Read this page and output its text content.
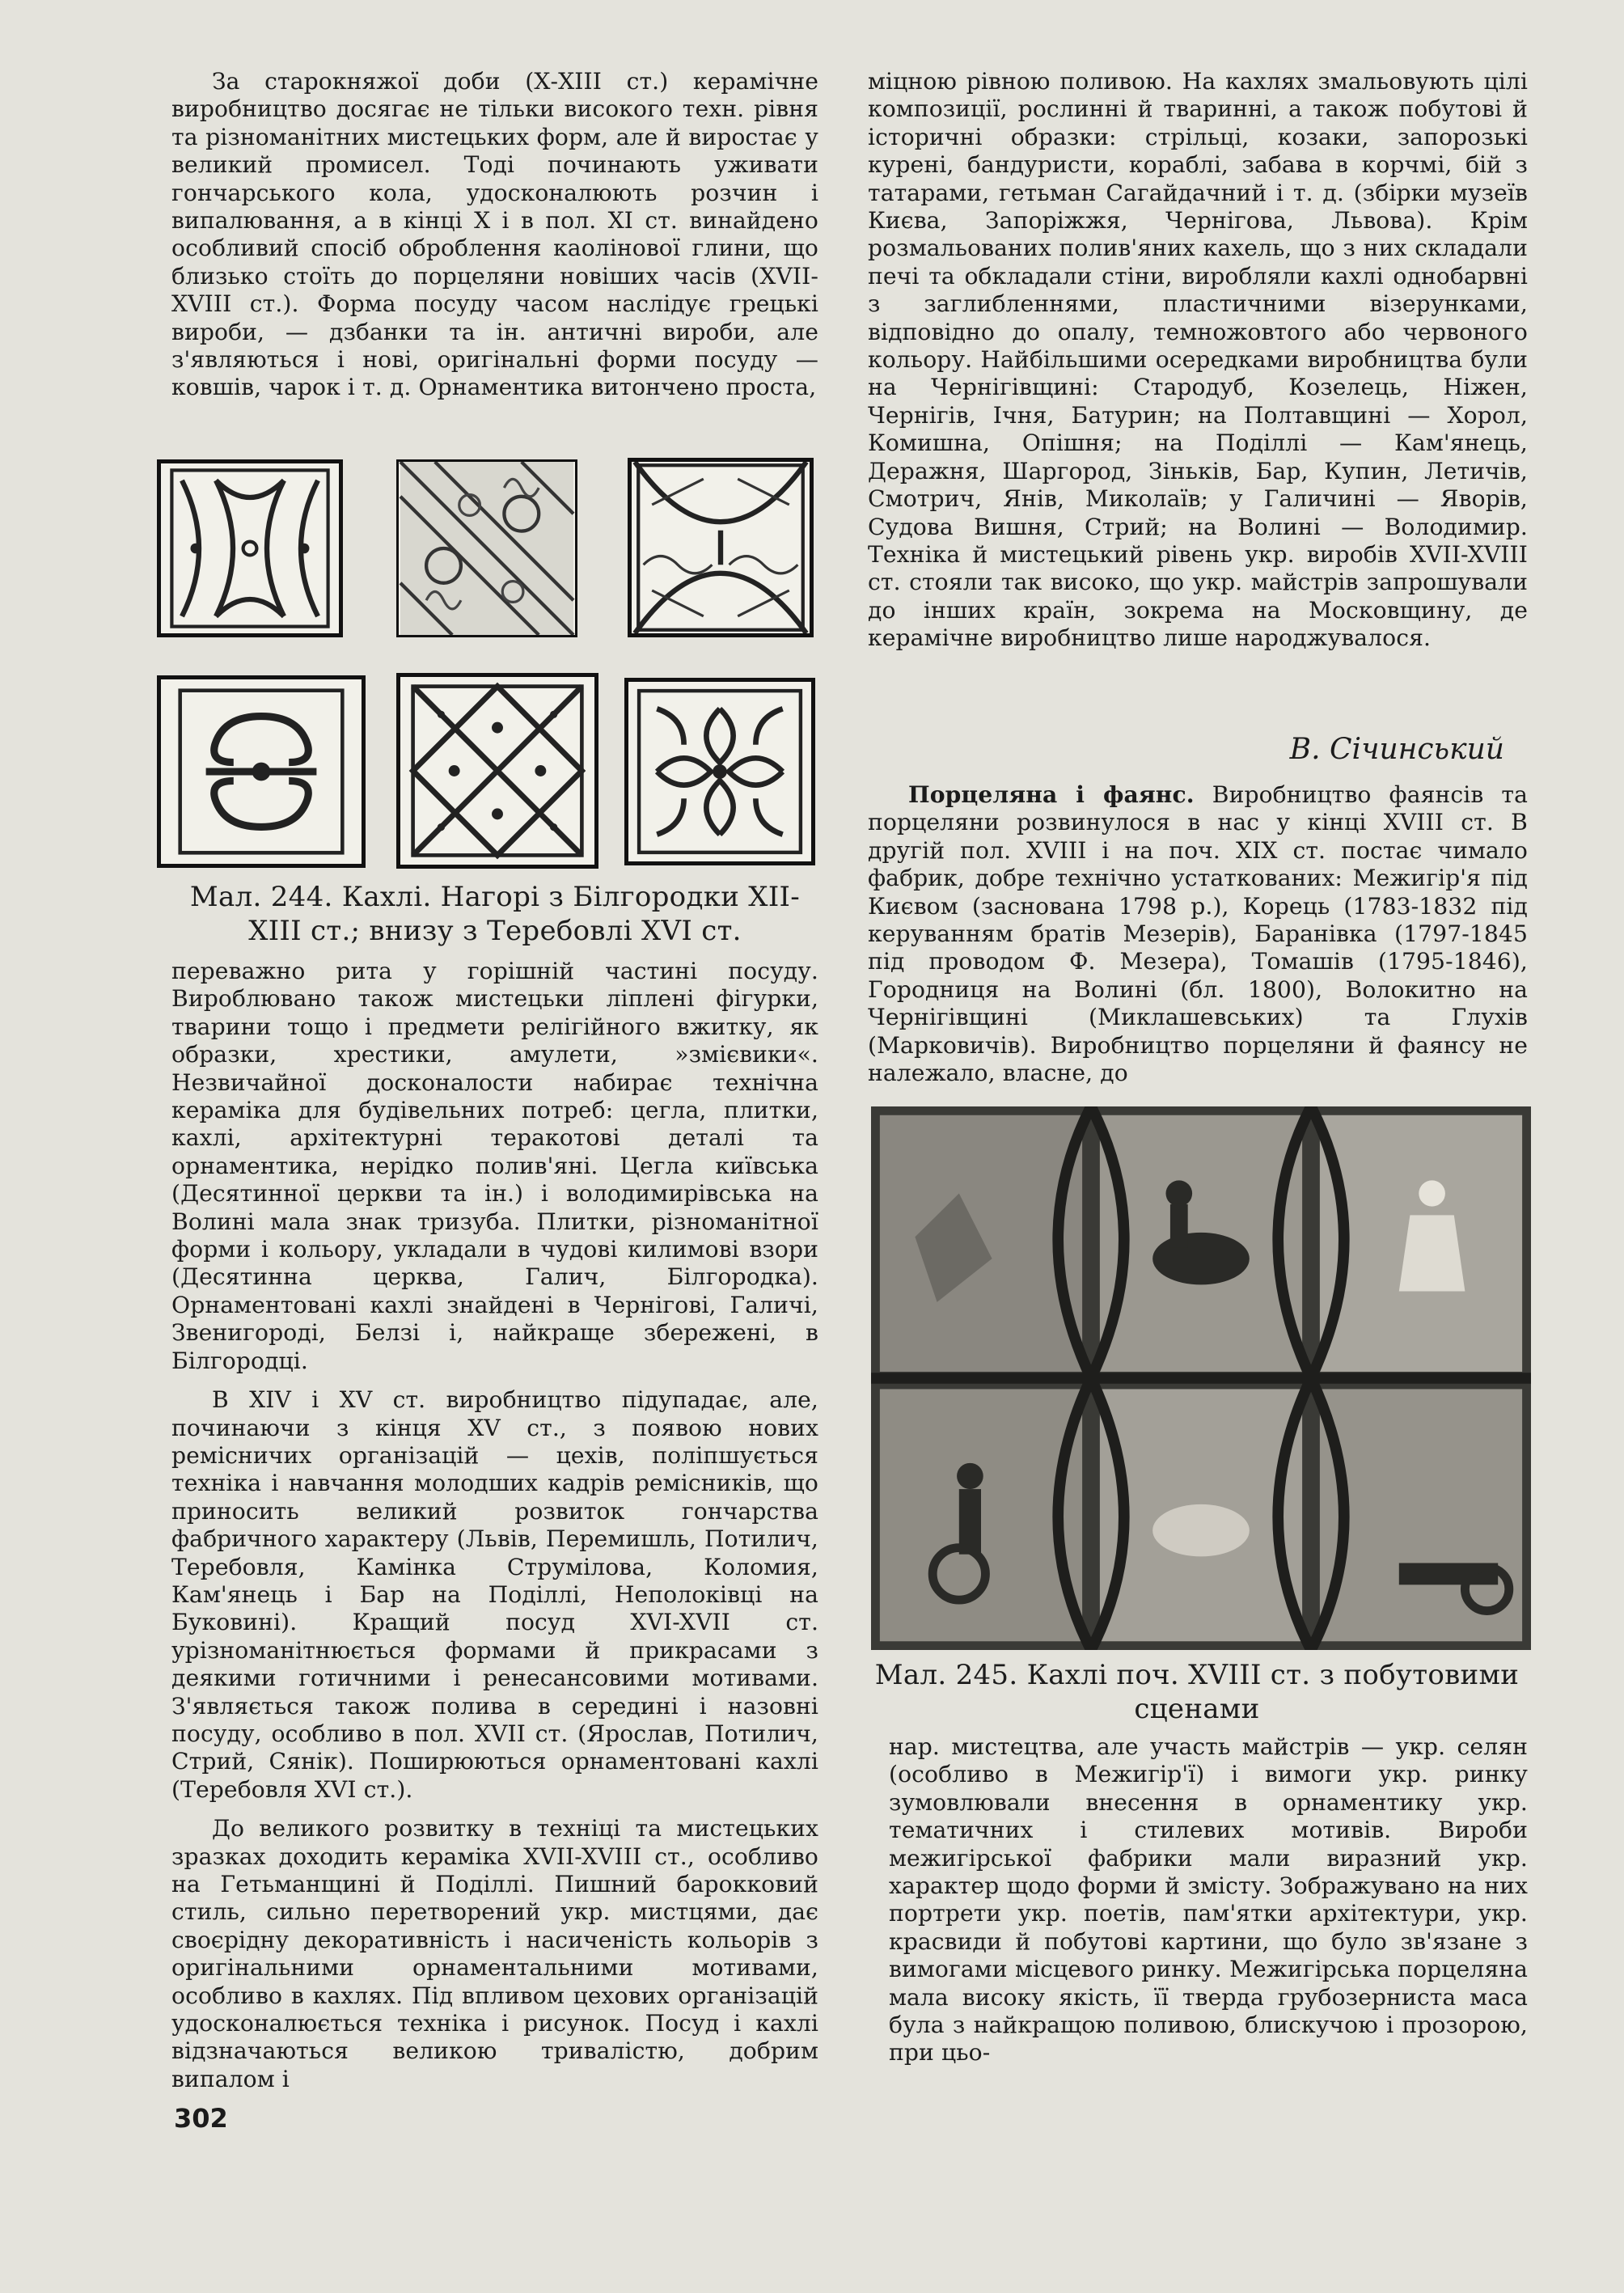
За старокняжої доби (Х-ХІІІ ст.) керамічне виробництво досягає не тільки високого техн. рівня та різноманітних мистецьких форм, але й виростає у великий промисел. Тоді починають уживати гончарського кола, удосконалюють розчин і випалювання, а в кінці Х і в пол. ХІ ст. винайдено особливий спосіб оброблення каолінової глини, що близько стоїть до порцеляни новіших часів (XVII-XVIII ст.). Форма посуду часом наслідує грецькі вироби, — дзбанки та ін. античні вироби, але з'являються і нові, оригінальні форми посуду — ковшів, чарок і т. д. Орнаментика витончено проста,

Мал. 244. Кахлі. Нагорі з Білгородки XII-XIII ст.; внизу з Теребовлі XVI ст.

переважно рита у горішній частині посуду. Вироблювано також мистецьки ліплені фігурки, тварини тощо і предмети релігійного вжитку, як образки, хрестики, амулети, »змієвики«. Незвичайної досконалости набирає технічна кераміка для будівельних потреб: цегла, плитки, кахлі, архітектурні теракотові деталі та орнаментика, нерідко полив'яні. Цегла київська (Десятинної церкви та ін.) і володимирівська на Волині мала знак тризуба. Плитки, різноманітної форми і кольору, укладали в чудові килимові взори (Десятинна церква, Галич, Білгородка). Орнаментовані кахлі знайдені в Чернігові, Галичі, Звенигороді, Белзі і, найкраще збережені, в Білгородці.

В XIV і XV ст. виробництво підупадає, але, починаючи з кінця XV ст., з появою нових ремісничих організацій — цехів, поліпшується техніка і навчання молодших кадрів ремісників, що приносить великий розвиток гончарства фабричного характеру (Львів, Перемишль, Потилич, Теребовля, Камінка Струмілова, Коломия, Кам'янець і Бар на Поділлі, Неполоківці на Буковині). Кращий посуд XVI-XVII ст. урізноманітнюється формами й прикрасами з деякими готичними і ренесансовими мотивами. З'являється також полива в середині і назовні посуду, особливо в пол. XVII ст. (Ярослав, Потилич, Стрий, Сянік). Поширюються орнаментовані кахлі (Теребовля XVI ст.).

До великого розвитку в техніці та мистецьких зразках доходить кераміка XVII-XVIII ст., особливо на Гетьманщині й Поділлі. Пишний барокковий стиль, сильно перетворений укр. мистцями, дає своєрідну декоративність і насиченість кольорів з оригінальними орнаментальними мотивами, особливо в кахлях. Під впливом цехових організацій удосконалюється техніка і рисунок. Посуд і кахлі відзначаються великою тривалістю, добрим випалом і

міцною рівною поливою. На кахлях змальовують цілі композиції, рослинні й тваринні, а також побутові й історичні образки: стрільці, козаки, запорозькі курені, бандуристи, кораблі, забава в корчмі, бій з татарами, гетьман Сагайдачний і т. д. (збірки музеїв Києва, Запоріжжя, Чернігова, Львова). Крім розмальованих полив'яних кахель, що з них складали печі та обкладали стіни, виробляли кахлі однобарвні з заглибленнями, пластичними візерунками, відповідно до опалу, темножовтого або червоного кольору. Найбільшими осередками виробництва були на Чернігівщині: Стародуб, Козелець, Ніжен, Чернігів, Ічня, Батурин; на Полтавщині — Хорол, Комишна, Опішня; на Поділлі — Кам'янець, Деражня, Шаргород, Зіньків, Бар, Купин, Летичів, Смотрич, Янів, Миколаїв; у Галичині — Яворів, Судова Вишня, Стрий; на Волині — Володимир. Техніка й мистецький рівень укр. виробів XVII-XVIII ст. стояли так високо, що укр. майстрів запрошували до інших країн, зокрема на Московщину, де керамічне виробництво лише народжувалося.

В. Січинський

Порцеляна і фаянс. Виробництво фаянсів та порцеляни розвинулося в нас у кінці XVIII ст. В другій пол. XVIII і на поч. XIX ст. постає чимало фабрик, добре технічно устаткованих: Межигір'я під Києвом (заснована 1798 р.), Корець (1783-1832 під керуванням братів Мезерів), Баранівка (1797-1845 під проводом Ф. Мезера), Томашів (1795-1846), Городниця на Волині (бл. 1800), Волокитно на Чернігівщині (Миклашевських) та Глухів (Марковичів). Виробництво порцеляни й фаянсу не належало, власне, до

Мал. 245. Кахлі поч. XVIII ст. з побутовими сценами

нар. мистецтва, але участь майстрів — укр. селян (особливо в Межигір'ї) і вимоги укр. ринку зумовлювали внесення в орнаментику укр. тематичних і стилевих мотивів. Вироби межигірської фабрики мали виразний укр. характер щодо форми й змісту. Зображувано на них портрети укр. поетів, пам'ятки архітектури, укр. красвиди й побутові картини, що було зв'язане з вимогами місцевого ринку. Межигірська порцеляна мала високу якість, її тверда грубозерниста маса була з найкращою поливою, блискучою і прозорою, при цьо-

302
